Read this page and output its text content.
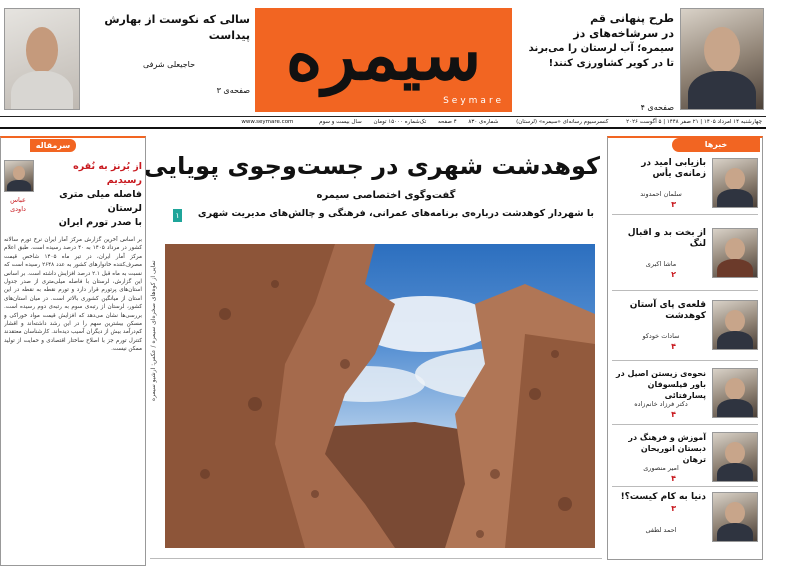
طرح پنهانی قم
در سرشاخه‌های دز
سیمره؛ آب لرستان را می‌برند
تا در کویر کشاورزی کنند!
صفحه‌ی ۴
سیمره
Seymare
سالی که نکوست از بهارش
پیداست
حاجیعلی شرفی
صفحه‌ی ۳
چهارشنبه ۱۴ امرداد ۱۴۰۵ | ۲۱ صفر ۱۴۴۸ | ۵ آگوست ۲۰۲۶ کنسرسیوم رسانه‌ای «سیمره» (لرستان) شماره‌ی ۸۳۰ ۴ صفحه تک‌شماره ۱۵۰۰۰ تومان سال بیست و سوم www.seymare.com
خبرها
بازیابی امید در زمانه‌ی یأس
سلمان احمدوند
۳
از بخت بد و اقبال لنگ
ماشا اکبری
۲
قلعه‌ی پای آستان کوهدشت
سادات خودکو
۴
نحوه‌ی زیستن اصیل در باور فیلسوفان پسارفتائی
دکتر فرزاد خانم‌زاده
۴
آموزش و فرهنگ در دبستان انوریحان ترهان
امیر منصوری
۴
دنیا به کام کیست؟!
احمد لطفی
۳
کوهدشت شهری در جست‌وجوی پویایی
گفت‌وگوی اختصاصی سیمره
با شهردار کوهدشت درباره‌ی برنامه‌های عمرانی، فرهنگی و چالش‌های مدیریت شهری
۱
نمایی از کوه‌های صخره‌ای سیمره / عکس: آرشیو سیمره
سرمقاله
عباس داودی
از بُرنز به نُقره رسیدیم
فاصله میلی متری لرستان
با صدر تورم ایران
بر اساس آخرین گزارش مرکز آمار ایران نرخ تورم سالانه کشور در مرداد ۱۴۰۵ به ۴۰ درصد رسیده است. طبق اعلام مرکز آمار ایران، در تیر ماه ۱۴۰۵ شاخص قیمت مصرف‌کننده خانوارهای کشور به عدد ۲۶۴۸ رسیده است که نسبت به ماه قبل ۲.۱ درصد افزایش داشته است. بر اساس این گزارش، لرستان با فاصله میلی‌متری از صدر جدول استان‌های پرتورم قرار دارد و تورم نقطه به نقطه در این استان از میانگین کشوری بالاتر است. در میان استان‌های کشور، لرستان از رتبه‌ی سوم به رتبه‌ی دوم رسیده است. بررسی‌ها نشان می‌دهد که افزایش قیمت مواد خوراکی و مسکن بیشترین سهم را در این رشد داشته‌اند و اقشار کم‌درآمد بیش از دیگران آسیب دیده‌اند. کارشناسان معتقدند کنترل تورم جز با اصلاح ساختار اقتصادی و حمایت از تولید ممکن نیست.
